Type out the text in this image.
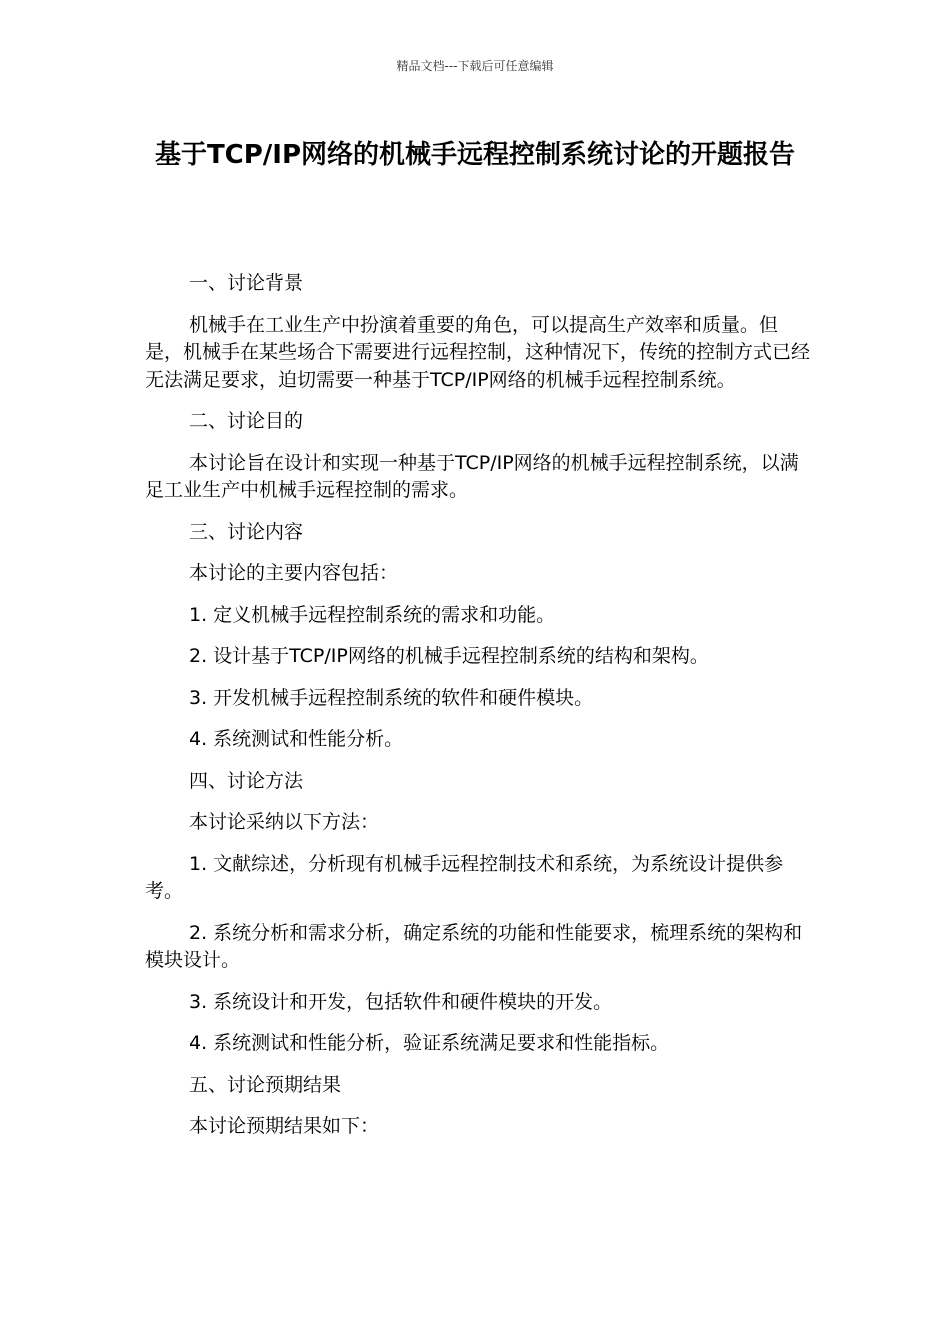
精品文档---下载后可任意编辑
基于TCP/IP网络的机械手远程控制系统讨论的开题报告

一、讨论背景

机械手在工业生产中扮演着重要的角色，可以提高生产效率和质量。但是，机械手在某些场合下需要进行远程控制，这种情况下，传统的控制方式已经无法满足要求，迫切需要一种基于TCP/IP网络的机械手远程控制系统。

二、讨论目的

本讨论旨在设计和实现一种基于TCP/IP网络的机械手远程控制系统，以满足工业生产中机械手远程控制的需求。

三、讨论内容

本讨论的主要内容包括：

1. 定义机械手远程控制系统的需求和功能。

2. 设计基于TCP/IP网络的机械手远程控制系统的结构和架构。

3. 开发机械手远程控制系统的软件和硬件模块。

4. 系统测试和性能分析。

四、讨论方法

本讨论采纳以下方法：

1. 文献综述，分析现有机械手远程控制技术和系统，为系统设计提供参考。

2. 系统分析和需求分析，确定系统的功能和性能要求，梳理系统的架构和模块设计。

3. 系统设计和开发，包括软件和硬件模块的开发。

4. 系统测试和性能分析，验证系统满足要求和性能指标。

五、讨论预期结果

本讨论预期结果如下：
